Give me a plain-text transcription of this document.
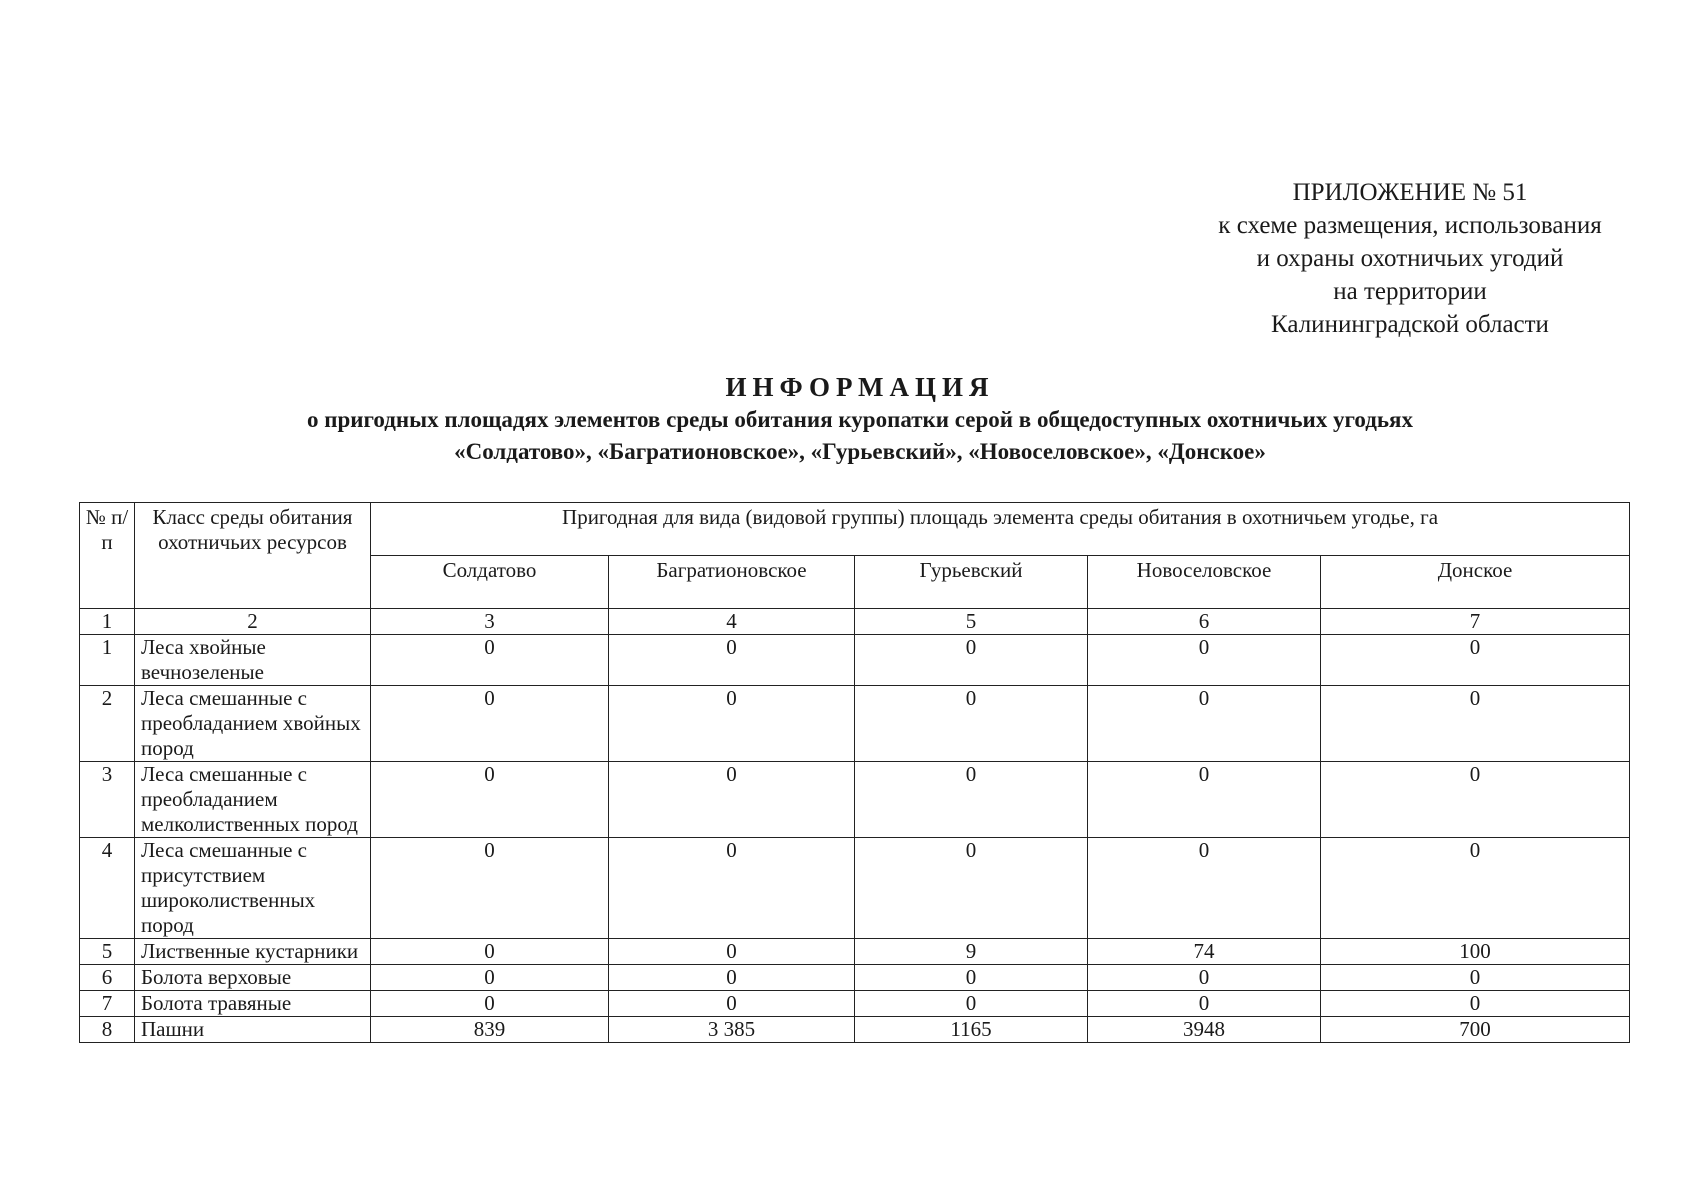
ПРИЛОЖЕНИЕ № 51
к схеме размещения, использования
и охраны охотничьих угодий
на территории
Калининградской области
ИНФОРМАЦИЯ
о пригодных площадях элементов среды обитания куропатки серой в общедоступных охотничьих угодьях
«Солдатово», «Багратионовское», «Гурьевский», «Новоселовское», «Донское»
№ п/п	Класс среды обитания охотничьих ресурсов	Пригодная для вида (видовой группы) площадь элемента среды обитания в охотничьем угодье, га				
		Солдатово	Багратионовское	Гурьевский	Новоселовское	Донское
1	2	3	4	5	6	7
1	Леса хвойные вечнозеленые	0	0	0	0	0
2	Леса смешанные с преобладанием хвойных пород	0	0	0	0	0
3	Леса смешанные с преобладанием мелколиственных пород	0	0	0	0	0
4	Леса смешанные с присутствием широколиственных пород	0	0	0	0	0
5	Лиственные кустарники	0	0	9	74	100
6	Болота верховые	0	0	0	0	0
7	Болота травяные	0	0	0	0	0
8	Пашни	839	3 385	1165	3948	700
